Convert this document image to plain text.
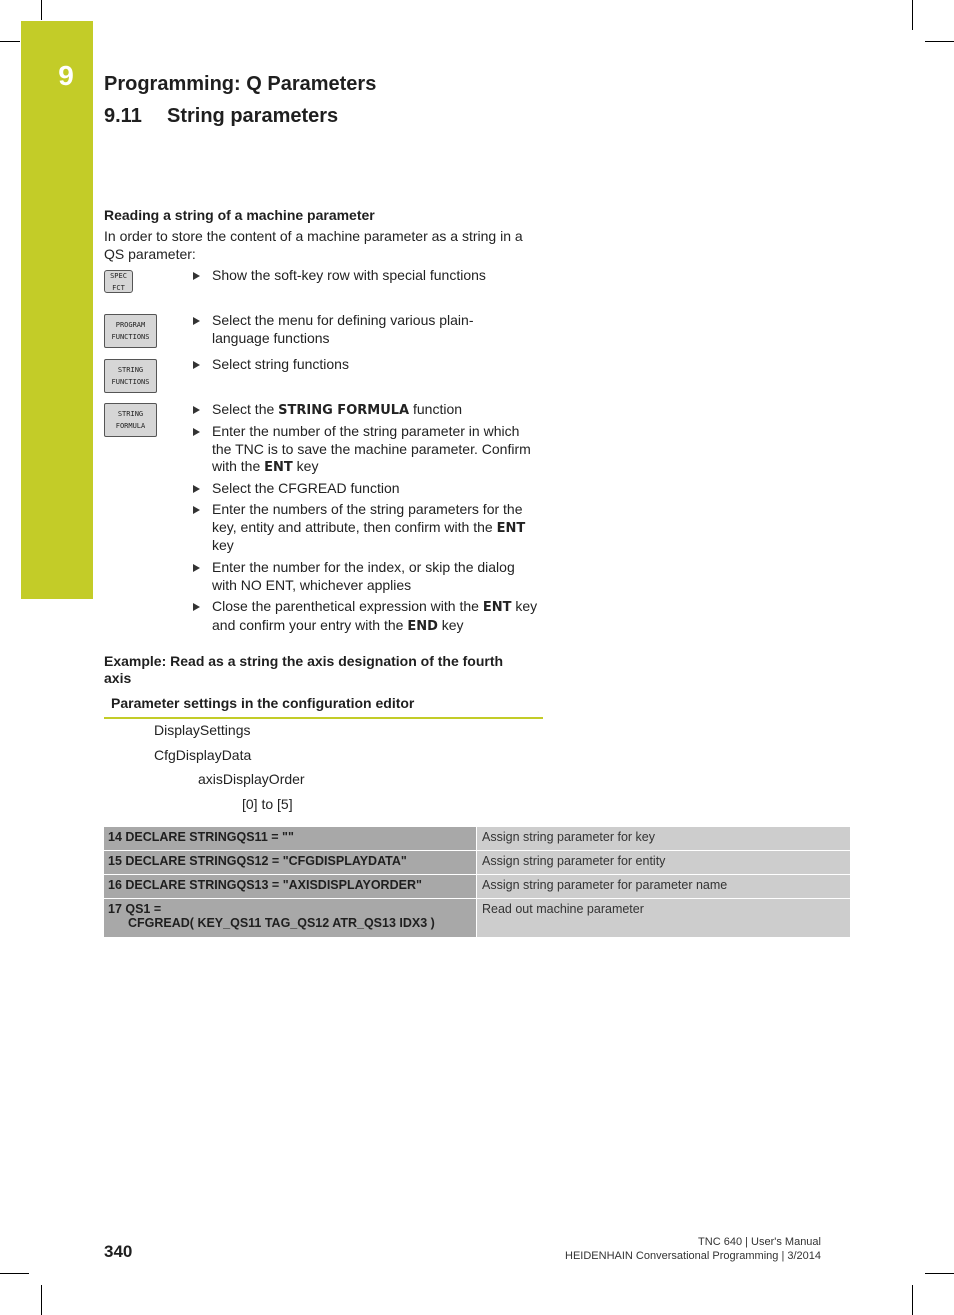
9	Programming: Q Parameters
9.11 String parameters
Reading a string of a machine parameter
In order to store the content of a machine parameter as a string in a QS parameter:
SPEC
FCT
PROGRAM
FUNCTIONS
STRING
FUNCTIONS
STRING
FORMULA
Show the soft-key row with special functions
Select the menu for defining various plain-language functions
Select string functions
Select the STRING FORMULA function
Enter the number of the string parameter in which the TNC is to save the machine parameter. Confirm with the ENT key
Select the CFGREAD function
Enter the numbers of the string parameters for the key, entity and attribute, then confirm with the ENT key
Enter the number for the index, or skip the dialog with NO ENT, whichever applies
Close the parenthetical expression with the ENT key and confirm your entry with the END key
Example: Read as a string the axis designation of the fourth axis
Parameter settings in the configuration editor
DisplaySettings
CfgDisplayData
axisDisplayOrder
[0] to [5]
14 DECLARE STRINGQS11 = ""	Assign string parameter for key
15 DECLARE STRINGQS12 = "CFGDISPLAYDATA"	Assign string parameter for entity
16 DECLARE STRINGQS13 = "AXISDISPLAYORDER"	Assign string parameter for parameter name
17 QS1 =
CFGREAD( KEY_QS11 TAG_QS12 ATR_QS13 IDX3 )	Read out machine parameter
340	TNC 640 | User's Manual
HEIDENHAIN Conversational Programming | 3/2014
